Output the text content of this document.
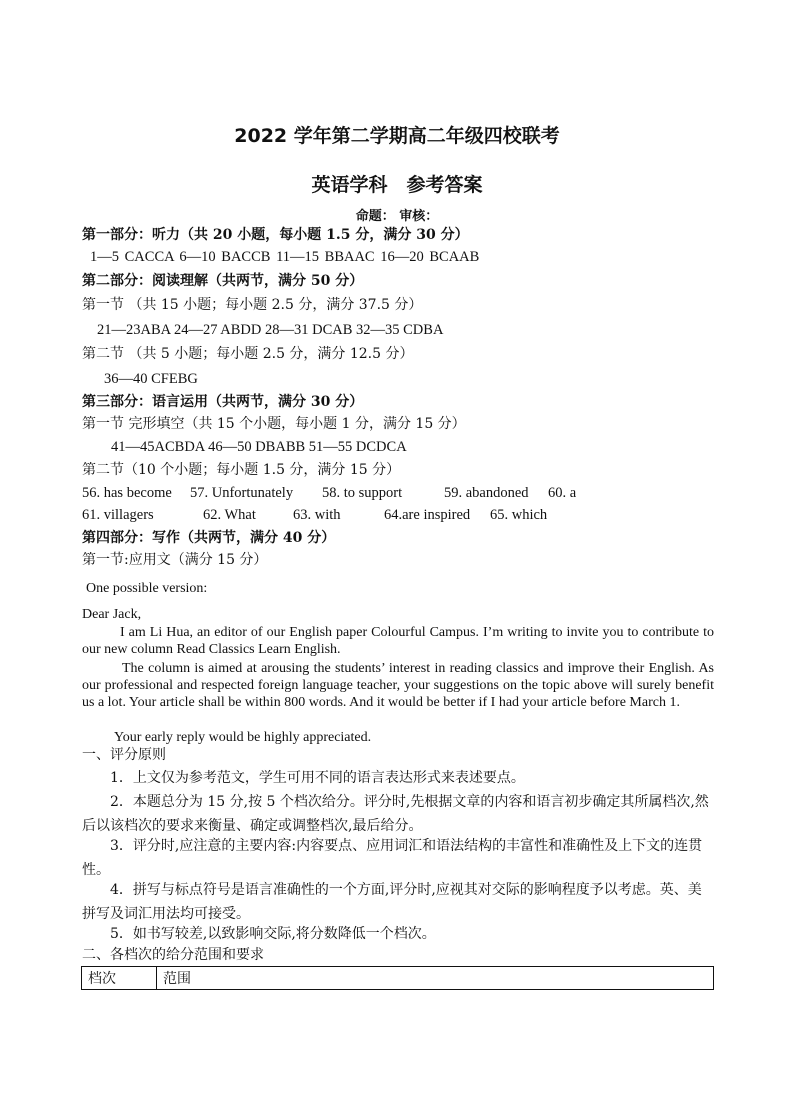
2022 学年第二学期高二年级四校联考
英语学科　参考答案
命题： 审核：
第一部分：听力（共 20 小题，每小题 1.5 分，满分 30 分）
1—5 CACCA 6—10 BACCB 11—15 BBAAC 16—20 BCAAB
第二部分：阅读理解（共两节，满分 50 分）
第一节 （共 15 小题；每小题 2.5 分，满分 37.5 分）
21—23ABA 24—27 ABDD 28—31 DCAB 32—35 CDBA
第二节 （共 5 小题；每小题 2.5 分，满分 12.5 分）
36—40 CFEBG
第三部分：语言运用（共两节，满分 30 分）
第一节 完形填空（共 15 个小题，每小题 1 分，满分 15 分）
41—45ACBDA 46—50 DBABB 51—55 DCDCA
第二节（10 个小题；每小题 1.5 分，满分 15 分）
56. has become 57. Unfortunately 58. to support	59. abandoned 60. a
61. villagers	62. What	63. with	64.are inspired 65. which
第四部分：写作（共两节，满分 40 分）
第一节:应用文（满分 15 分）
One possible version:
Dear Jack,
I am Li Hua, an editor of our English paper Colourful Campus. I’m writing to invite you to contribute to our new column Read Classics Learn English.
The column is aimed at arousing the students’ interest in reading classics and improve their English. As our professional and respected foreign language teacher, your suggestions on the topic above will surely benefit us a lot. Your article shall be within 800 words. And it would be better if I had your article before March 1.
Your early reply would be highly appreciated.
一、评分原则
1．上文仅为参考范文，学生可用不同的语言表达形式来表述要点。
2．本题总分为 15 分,按 5 个档次给分。评分时,先根据文章的内容和语言初步确定其所属档次,然后以该档次的要求来衡量、确定或调整档次,最后给分。
3．评分时,应注意的主要内容:内容要点、应用词汇和语法结构的丰富性和准确性及上下文的连贯性。
4．拼写与标点符号是语言准确性的一个方面,评分时,应视其对交际的影响程度予以考虑。英、美拼写及词汇用法均可接受。
5．如书写较差,以致影响交际,将分数降低一个档次。
二、各档次的给分范围和要求
档次	范围
